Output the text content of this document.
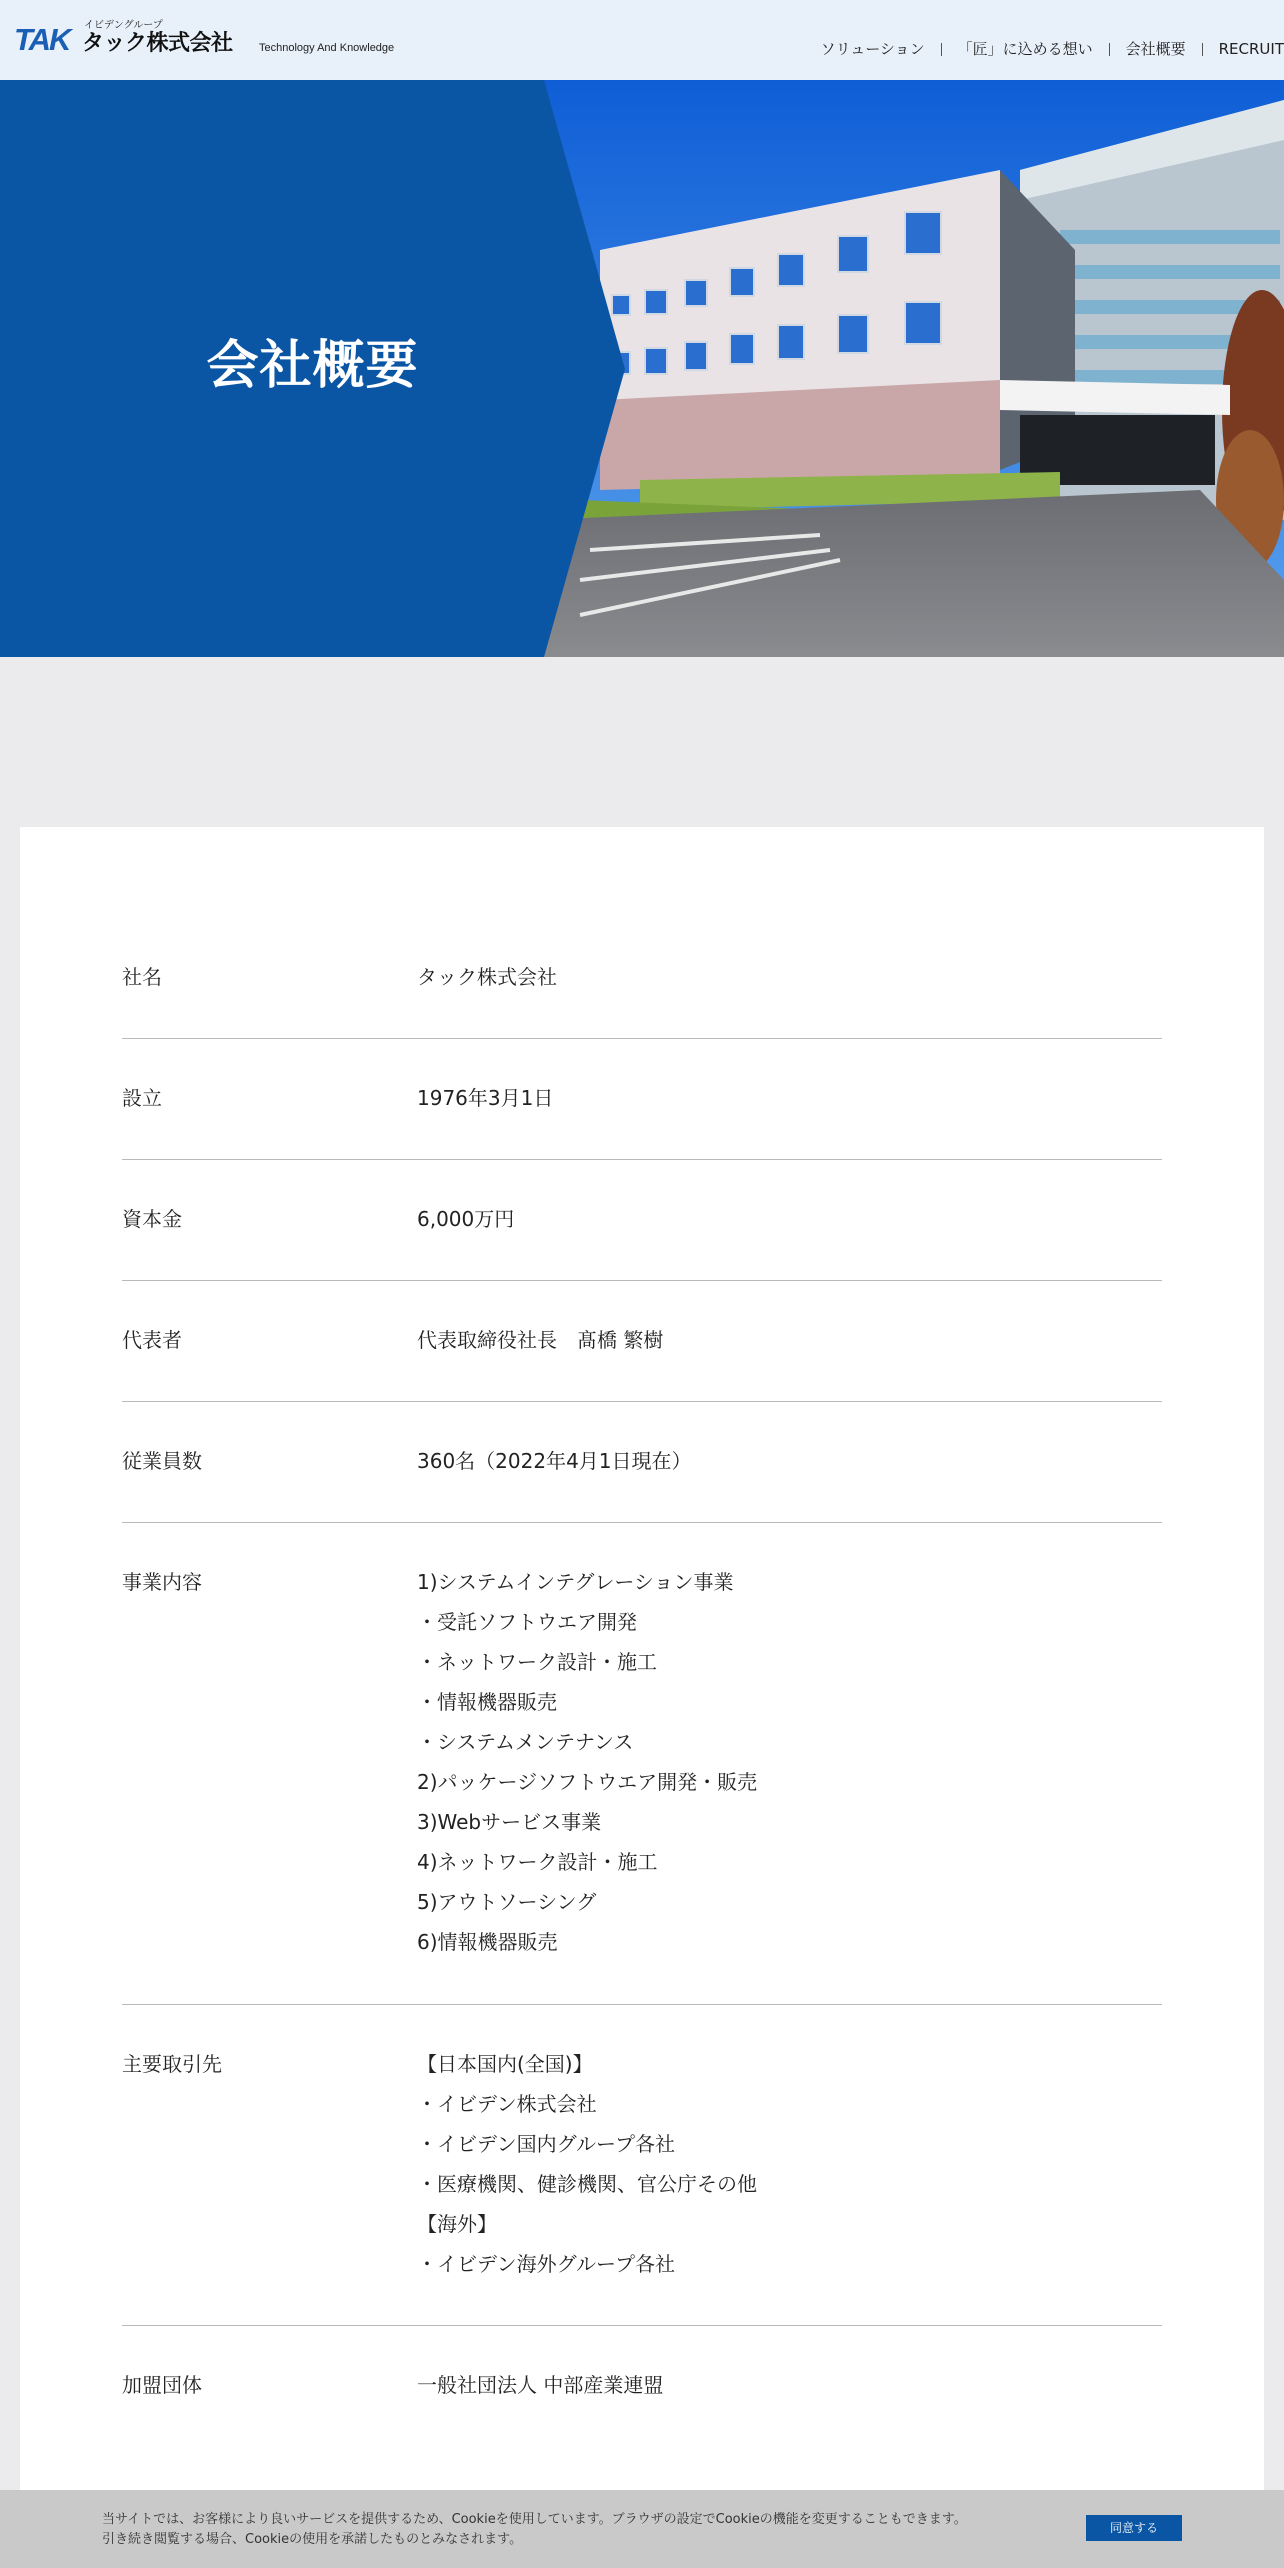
TAK	イビデングループ
タック株式会社 Technology And Knowledge	ソリューション 「匠」に込める想い 会社概要 RECRUIT
会社概要
社名	タック株式会社
設立	1976年3月1日
資本金	6,000万円
代表者	代表取締役社長　髙橋 繁樹
従業員数	360名（2022年4月1日現在）
事業内容	1)システムインテグレーション事業
・受託ソフトウエア開発
・ネットワーク設計・施工
・情報機器販売
・システムメンテナンス
2)パッケージソフトウエア開発・販売
3)Webサービス事業
4)ネットワーク設計・施工
5)アウトソーシング
6)情報機器販売
主要取引先	【日本国内(全国)】
・イビデン株式会社
・イビデン国内グループ各社
・医療機関、健診機関、官公庁その他
【海外】
・イビデン海外グループ各社
加盟団体	一般社団法人 中部産業連盟
当サイトでは、お客様により良いサービスを提供するため、Cookieを使用しています。ブラウザの設定でCookieの機能を変更することもできます。
引き続き閲覧する場合、Cookieの使用を承諾したものとみなされます。
同意する
